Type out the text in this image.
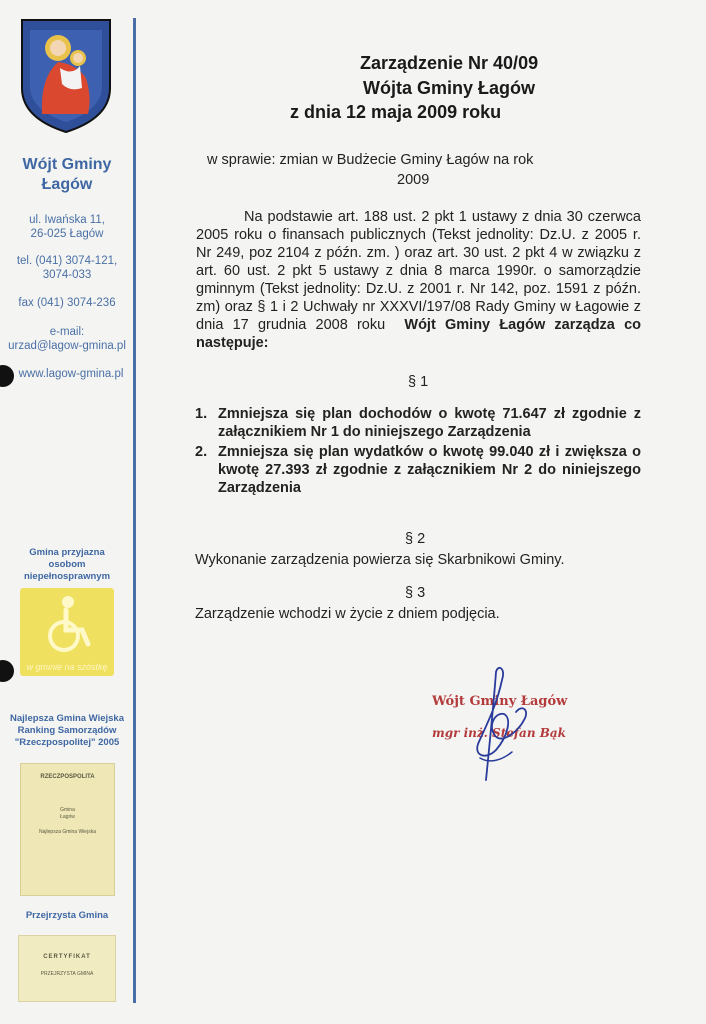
Wójt Gminy
Łagów
ul. Iwańska 11,
26-025 Łagów
tel. (041) 3074-121,
3074-033
fax (041) 3074-236
e-mail:
urzad@lagow-gmina.pl
www.lagow-gmina.pl
Gmina przyjazna
osobom
niepełnosprawnym
w gminie na szóstkę
Najlepsza Gmina Wiejska
Ranking Samorządów
"Rzeczpospolitej" 2005
RZECZPOSPOLITA
Gmina
Łagów
Najlepsza Gmina Wiejska
Przejrzysta Gmina
CERTYFIKAT
PRZEJRZYSTA GMINA
Zarządzenie Nr 40/09
Wójta Gminy Łagów
z dnia 12 maja 2009 roku
w sprawie: zmian w Budżecie Gminy Łagów na rok
2009
Na podstawie art. 188 ust. 2 pkt 1 ustawy z dnia 30 czerwca 2005 roku o finansach publicznych (Tekst jednolity: Dz.U. z 2005 r. Nr 249, poz 2104 z późn. zm. ) oraz art. 30 ust. 2 pkt 4 w związku z art. 60 ust. 2 pkt 5 ustawy z dnia 8 marca 1990r. o samorządzie gminnym (Tekst jednolity: Dz.U. z 2001 r. Nr 142, poz. 1591 z późn. zm) oraz § 1 i 2 Uchwały nr XXXVI/197/08 Rady Gminy w Łagowie z dnia 17 grudnia 2008 roku Wójt Gminy Łagów zarządza co następuje:
§ 1
1. Zmniejsza się plan dochodów o kwotę 71.647 zł zgodnie z załącznikiem Nr 1 do niniejszego Zarządzenia
2. Zmniejsza się plan wydatków o kwotę 99.040 zł i zwiększa o kwotę 27.393 zł zgodnie z załącznikiem Nr 2 do niniejszego Zarządzenia
§ 2
Wykonanie zarządzenia powierza się Skarbnikowi Gminy.
§ 3
Zarządzenie wchodzi w życie z dniem podjęcia.
Wójt Gminy Łagów
mgr inż. Stefan Bąk
